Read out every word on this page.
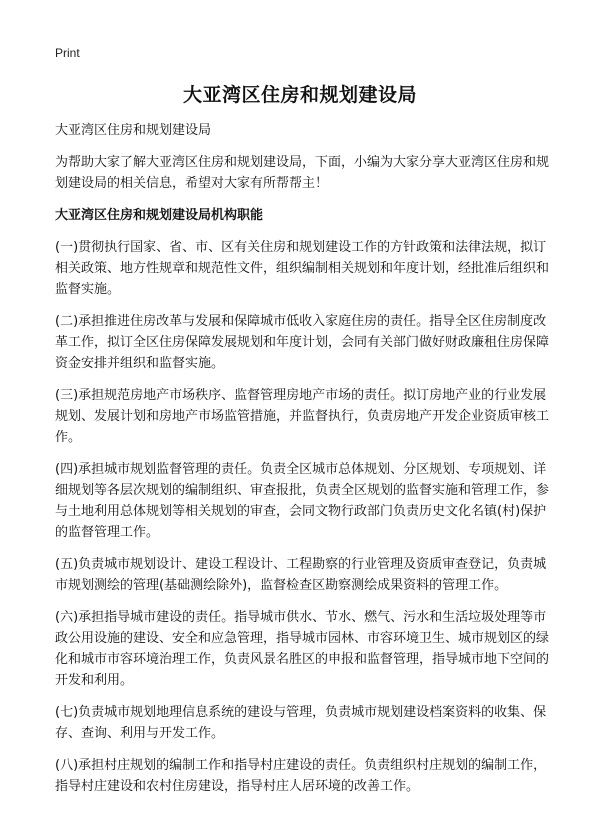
Print
大亚湾区住房和规划建设局

大亚湾区住房和规划建设局

为帮助大家了解大亚湾区住房和规划建设局，下面，小编为大家分享大亚湾区住房和规划建设局的相关信息，希望对大家有所帮帮主！

大亚湾区住房和规划建设局机构职能

(一)贯彻执行国家、省、市、区有关住房和规划建设工作的方针政策和法律法规，拟订相关政策、地方性规章和规范性文件，组织编制相关规划和年度计划，经批准后组织和监督实施。

(二)承担推进住房改革与发展和保障城市低收入家庭住房的责任。指导全区住房制度改革工作，拟订全区住房保障发展规划和年度计划，会同有关部门做好财政廉租住房保障资金安排并组织和监督实施。

(三)承担规范房地产市场秩序、监督管理房地产市场的责任。拟订房地产业的行业发展规划、发展计划和房地产市场监管措施，并监督执行，负责房地产开发企业资质审核工作。

(四)承担城市规划监督管理的责任。负责全区城市总体规划、分区规划、专项规划、详细规划等各层次规划的编制组织、审查报批，负责全区规划的监督实施和管理工作，参与土地利用总体规划等相关规划的审查，会同文物行政部门负责历史文化名镇(村)保护的监督管理工作。

(五)负责城市规划设计、建设工程设计、工程勘察的行业管理及资质审查登记，负责城市规划测绘的管理(基础测绘除外)，监督检查区勘察测绘成果资料的管理工作。

(六)承担指导城市建设的责任。指导城市供水、节水、燃气、污水和生活垃圾处理等市政公用设施的建设、安全和应急管理，指导城市园林、市容环境卫生、城市规划区的绿化和城市市容环境治理工作，负责风景名胜区的申报和监督管理，指导城市地下空间的开发和利用。

(七)负责城市规划地理信息系统的建设与管理，负责城市规划建设档案资料的收集、保存、查询、利用与开发工作。

(八)承担村庄规划的编制工作和指导村庄建设的责任。负责组织村庄规划的编制工作，指导村庄建设和农村住房建设，指导村庄人居环境的改善工作。
